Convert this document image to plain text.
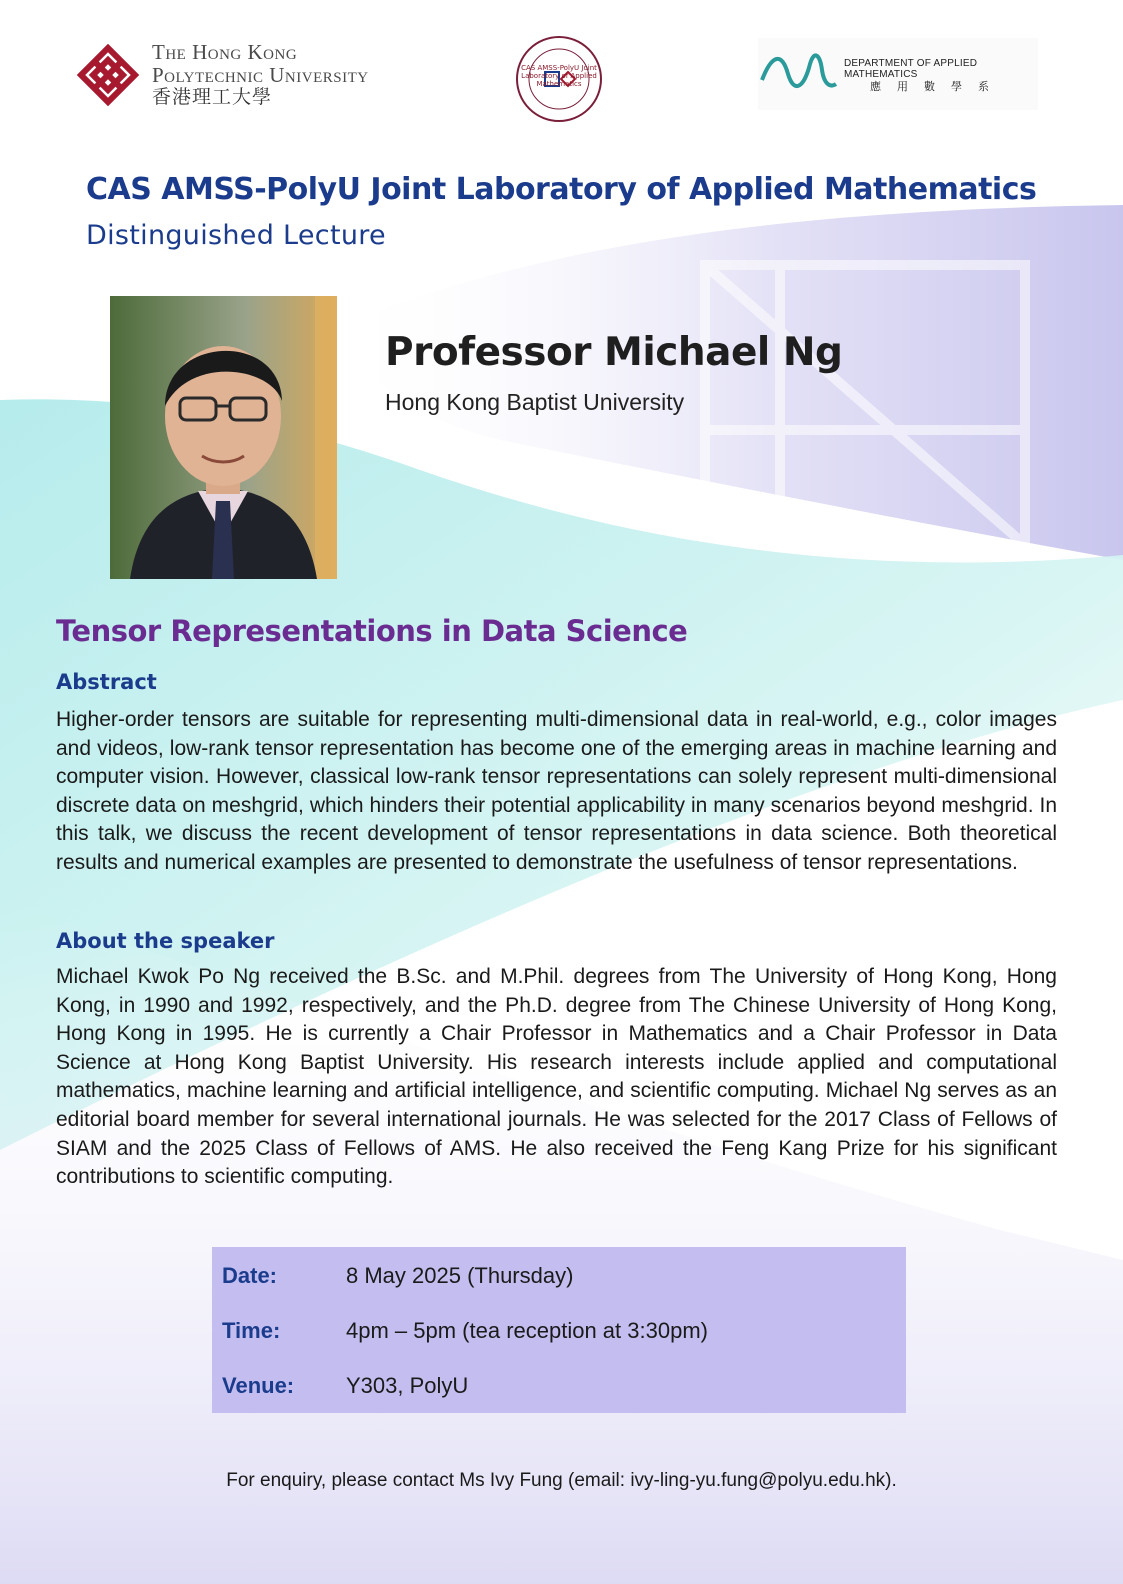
The Hong Kong
Polytechnic University
香港理工大學
CAS AMSS-PolyU Joint Laboratory of Applied Mathematics
DEPARTMENT OF APPLIED MATHEMATICS
應用數學系
CAS AMSS-PolyU Joint Laboratory of Applied Mathematics
Distinguished Lecture
Professor Michael Ng
Hong Kong Baptist University
Tensor Representations in Data Science
Abstract
Higher-order tensors are suitable for representing multi-dimensional data in real-world, e.g., color images and videos, low-rank tensor representation has become one of the emerging areas in machine learning and computer vision. However, classical low-rank tensor representations can solely represent multi-dimensional discrete data on meshgrid, which hinders their potential applicability in many scenarios beyond meshgrid. In this talk, we discuss the recent development of tensor representations in data science. Both theoretical results and numerical examples are presented to demonstrate the usefulness of tensor representations.
About the speaker
Michael Kwok Po Ng received the B.Sc. and M.Phil. degrees from The University of Hong Kong, Hong Kong, in 1990 and 1992, respectively, and the Ph.D. degree from The Chinese University of Hong Kong, Hong Kong in 1995. He is currently a Chair Professor in Mathematics and a Chair Professor in Data Science at Hong Kong Baptist University. His research interests include applied and computational mathematics, machine learning and artificial intelligence, and scientific computing. Michael Ng serves as an editorial board member for several international journals. He was selected for the 2017 Class of Fellows of SIAM and the 2025 Class of Fellows of AMS. He also received the Feng Kang Prize for his significant contributions to scientific computing.
Date:	8 May 2025 (Thursday)
Time:	4pm – 5pm (tea reception at 3:30pm)
Venue: Y303, PolyU
For enquiry, please contact Ms Ivy Fung (email: ivy-ling-yu.fung@polyu.edu.hk).
